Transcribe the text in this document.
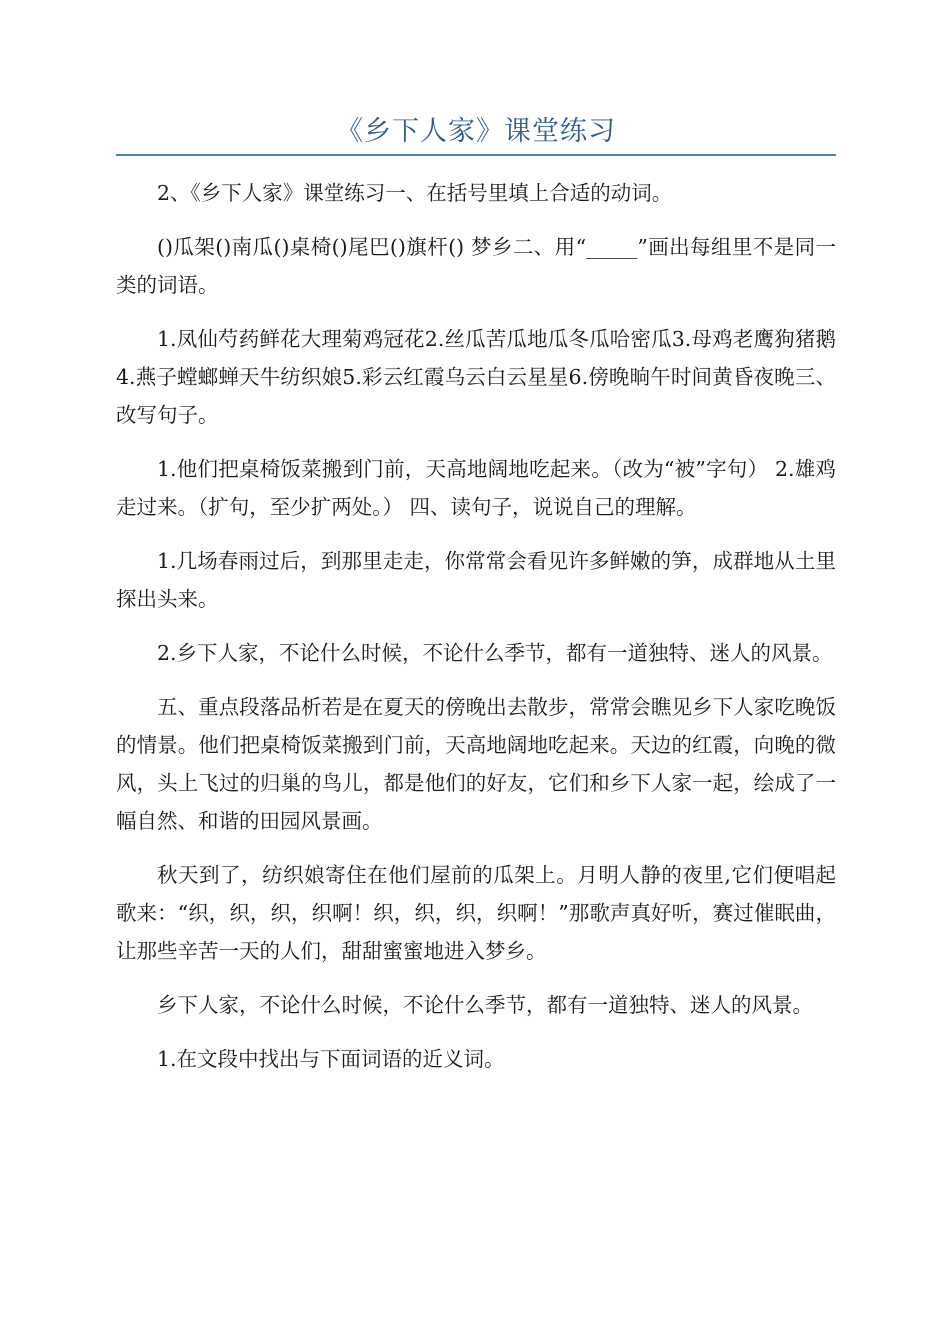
《乡下人家》课堂练习

2、《乡下人家》课堂练习一、在括号里填上合适的动词。

()瓜架()南瓜()桌椅()尾巴()旗杆() 梦乡二、用“_____”画出每组里不是同一类的词语。

1.凤仙芍药鲜花大理菊鸡冠花2.丝瓜苦瓜地瓜冬瓜哈密瓜3.母鸡老鹰狗猪鹅4.燕子螳螂蝉天牛纺织娘5.彩云红霞乌云白云星星6.傍晚晌午时间黄昏夜晚三、改写句子。

1.他们把桌椅饭菜搬到门前，天高地阔地吃起来。（改为“被”字句） 2.雄鸡走过来。（扩句，至少扩两处。） 四、读句子，说说自己的理解。

1.几场春雨过后，到那里走走，你常常会看见许多鲜嫩的笋，成群地从土里探出头来。

2.乡下人家，不论什么时候，不论什么季节，都有一道独特、迷人的风景。

五、重点段落品析若是在夏天的傍晚出去散步，常常会瞧见乡下人家吃晚饭的情景。他们把桌椅饭菜搬到门前，天高地阔地吃起来。天边的红霞，向晚的微风，头上飞过的归巢的鸟儿，都是他们的好友，它们和乡下人家一起，绘成了一幅自然、和谐的田园风景画。

秋天到了，纺织娘寄住在他们屋前的瓜架上。月明人静的夜里,它们便唱起歌来：“织，织，织，织啊！织，织，织，织啊！”那歌声真好听，赛过催眠曲，让那些辛苦一天的人们，甜甜蜜蜜地进入梦乡。

乡下人家，不论什么时候，不论什么季节，都有一道独特、迷人的风景。

1.在文段中找出与下面词语的近义词。
